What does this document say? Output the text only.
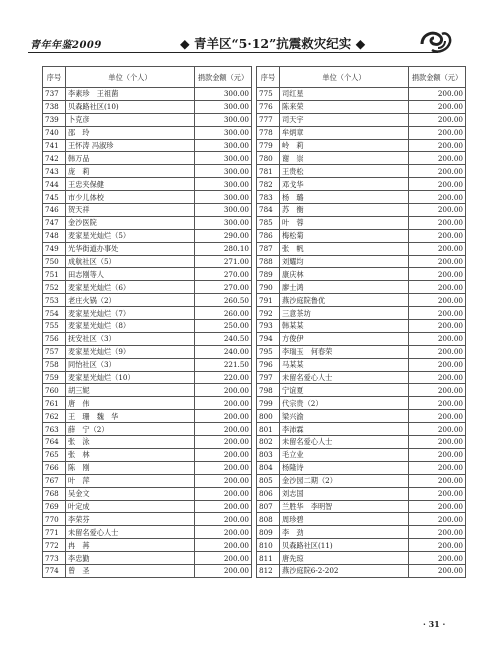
青年年鉴2009	◆ 青羊区“5·12”抗震救灾纪实 ◆
序号	单位（个人）	捐款金额（元）
737	李素珍　王祖菌	300.00
738	贝森路社区(10)	300.00
739	卜克彦	300.00
740	邵　玲	300.00
741	王怀涛 冯淑珍	300.00
742	韩万品	300.00
743	庞　莉	300.00
744	王忠夹保健	300.00
745	市少儿体校	300.00
746	贺天祥	300.00
747	金沙医院	300.00
748	麦家星光灿烂（5）	290.00
749	光华街道办事处	280.10
750	成航社区（5）	271.00
751	田志刚等人	270.00
752	麦家星光灿烂（6）	270.00
753	老庄火锅（2）	260.50
754	麦家星光灿烂（7）	260.00
755	麦家星光灿烂（8）	250.00
756	抚安社区（3）	240.50
757	麦家星光灿烂（9）	240.00
758	同怡社区（3）	221.50
759	麦家星光灿烂（10）	220.00
760	胡三妮	200.00
761	唐　伟	200.00
762	王　珊　魏　华	200.00
763	薛　宁（2）	200.00
764	张　泳	200.00
765	张　林	200.00
766	陈　刚	200.00
767	叶　萍	200.00
768	吴金文	200.00
769	叶定成	200.00
770	李荣芬	200.00
771	未留名爱心人士	200.00
772	冉　苒	200.00
773	李忠勤	200.00
774	曾　圣	200.00
序号	单位（个人）	捐款金额（元）
775	司红星	200.00
776	陈来荣	200.00
777	司天宇	200.00
778	牟炳章	200.00
779	岭　莉	200.00
780	谢　崇	200.00
781	王贵松	200.00
782	邓戈华	200.00
783	杨　璐	200.00
784	苏　衡	200.00
785	叶　蓉	200.00
786	梅松菊	200.00
787	张　帆	200.00
788	刘耀均	200.00
789	康庆林	200.00
790	廖士鸿	200.00
791	燕沙庭院鲁优	200.00
792	三意茶坊	200.00
793	韩某某	200.00
794	方俊伊	200.00
795	李瑞玉　何春荣	200.00
796	马某某	200.00
797	未留名爱心人士	200.00
798	宁谊夏	200.00
799	代宗贵（2）	200.00
800	梁兴渝	200.00
801	李沛霖	200.00
802	未留名爱心人士	200.00
803	毛立业	200.00
804	杨隆诗	200.00
805	金沙园二期（2）	200.00
806	刘志国	200.00
807	兰胜华　李明智	200.00
808	周珍碧	200.00
809	李　劲	200.00
810	贝森路社区(11)	200.00
811	唐先琼	200.00
812	燕沙庭院6-2-202	200.00
· 31 ·
